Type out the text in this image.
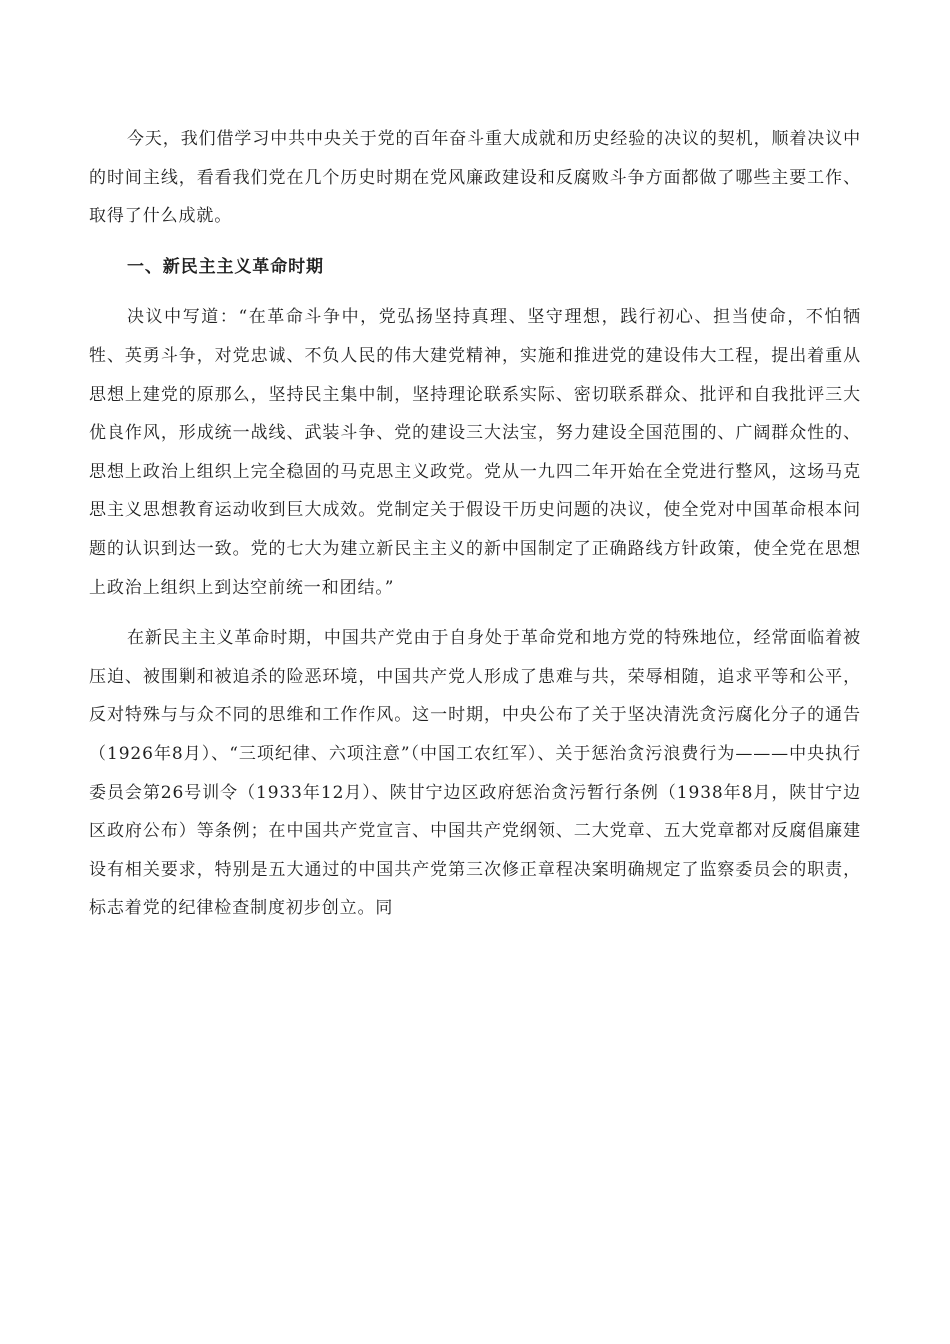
今天，我们借学习中共中央关于党的百年奋斗重大成就和历史经验的决议的契机，顺着决议中的时间主线，看看我们党在几个历史时期在党风廉政建设和反腐败斗争方面都做了哪些主要工作、取得了什么成就。

一、新民主主义革命时期

决议中写道：“在革命斗争中，党弘扬坚持真理、坚守理想，践行初心、担当使命，不怕牺牲、英勇斗争，对党忠诚、不负人民的伟大建党精神，实施和推进党的建设伟大工程，提出着重从思想上建党的原那么，坚持民主集中制，坚持理论联系实际、密切联系群众、批评和自我批评三大优良作风，形成统一战线、武装斗争、党的建设三大法宝，努力建设全国范围的、广阔群众性的、思想上政治上组织上完全稳固的马克思主义政党。党从一九四二年开始在全党进行整风，这场马克思主义思想教育运动收到巨大成效。党制定关于假设干历史问题的决议，使全党对中国革命根本问题的认识到达一致。党的七大为建立新民主主义的新中国制定了正确路线方针政策，使全党在思想上政治上组织上到达空前统一和团结。”

在新民主主义革命时期，中国共产党由于自身处于革命党和地方党的特殊地位，经常面临着被压迫、被围剿和被追杀的险恶环境，中国共产党人形成了患难与共，荣辱相随，追求平等和公平，反对特殊与与众不同的思维和工作作风。这一时期，中央公布了关于坚决清洗贪污腐化分子的通告（1926年8月）、“三项纪律、六项注意”（中国工农红军）、关于惩治贪污浪费行为———中央执行委员会第26号训令（1933年12月）、陕甘宁边区政府惩治贪污暂行条例（1938年8月，陕甘宁边区政府公布）等条例；在中国共产党宣言、中国共产党纲领、二大党章、五大党章都对反腐倡廉建设有相关要求，特别是五大通过的中国共产党第三次修正章程决案明确规定了监察委员会的职责，标志着党的纪律检查制度初步创立。同
